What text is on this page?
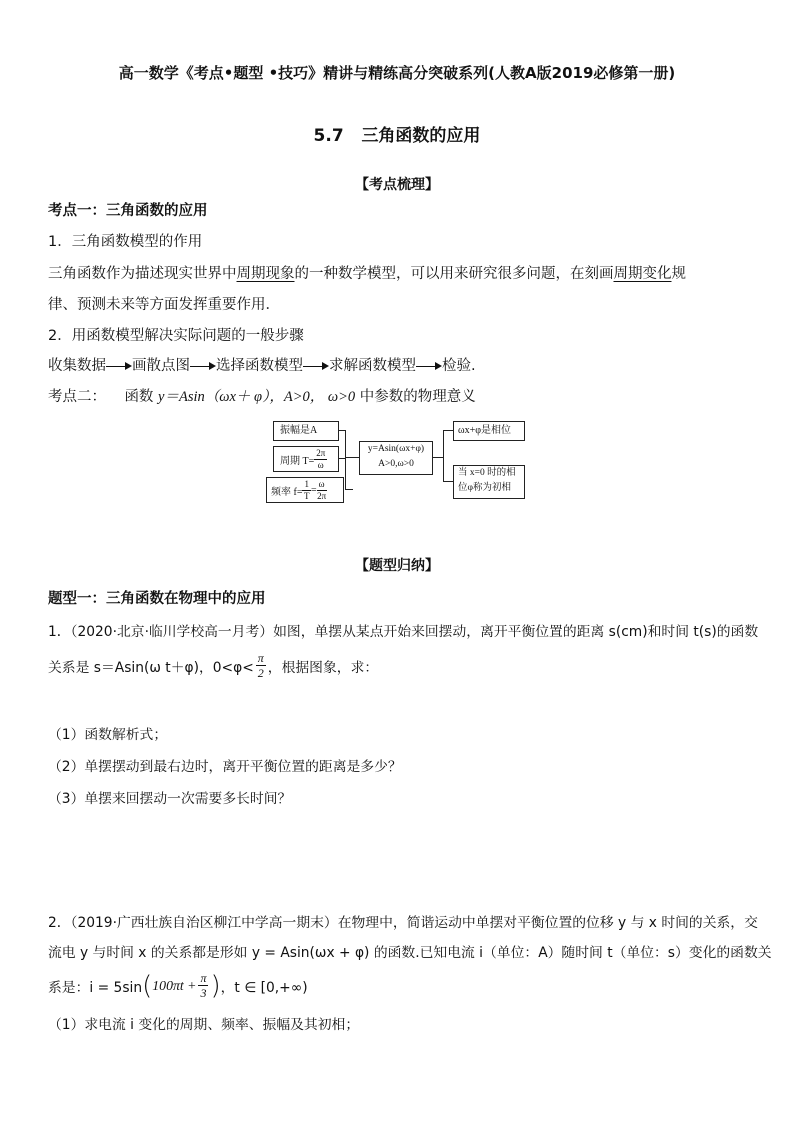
高一数学《考点•题型 •技巧》精讲与精练高分突破系列(人教A版2019必修第一册)
5.7 三角函数的应用
【考点梳理】
考点一：三角函数的应用
1．三角函数模型的作用
三角函数作为描述现实世界中周期现象的一种数学模型，可以用来研究很多问题，在刻画周期变化规
律、预测未来等方面发挥重要作用．
2．用函数模型解决实际问题的一般步骤
收集数据 画散点图 选择函数模型 求解函数模型 检验.
考点二： 函数 y＝Asin（ωx＋ φ），A>0， ω>0 中参数的物理意义
振幅是A
周期 $T= \frac{2\pi}{\omega}$
频率 $f= \frac{1}{T} = \frac{\omega}{2\pi}$
y=Asin(ωx+φ)
A>0,ω>0
ωx+φ是相位
当 x=0 时的相
位φ称为初相
【题型归纳】
题型一：三角函数在物理中的应用
1．（2020·北京·临川学校高一月考）如图，单摆从某点开始来回摆动，离开平衡位置的距离 s(cm)和时间 t(s)的函数
关系是 s＝Asin(ω t＋φ)，$0<\varphi< \frac{\pi}{2}$ ，根据图象，求：
（1）函数解析式；
（2）单摆摆动到最右边时，离开平衡位置的距离是多少？
（3）单摆来回摆动一次需要多长时间？
2．（2019·广西壮族自治区柳江中学高一期末）在物理中，简谐运动中单摆对平衡位置的位移 y 与 x 时间的关系，交
流电 y 与时间 x 的关系都是形如 y = Asin(ωx + φ) 的函数.已知电流 i（单位：A）随时间 t（单位：s）变化的函数关
系是：i = 5sin ( $100\pi t + \frac{\pi}{3}$ ) ，t ∈ [0,+∞)
（1）求电流 i 变化的周期、频率、振幅及其初相；
